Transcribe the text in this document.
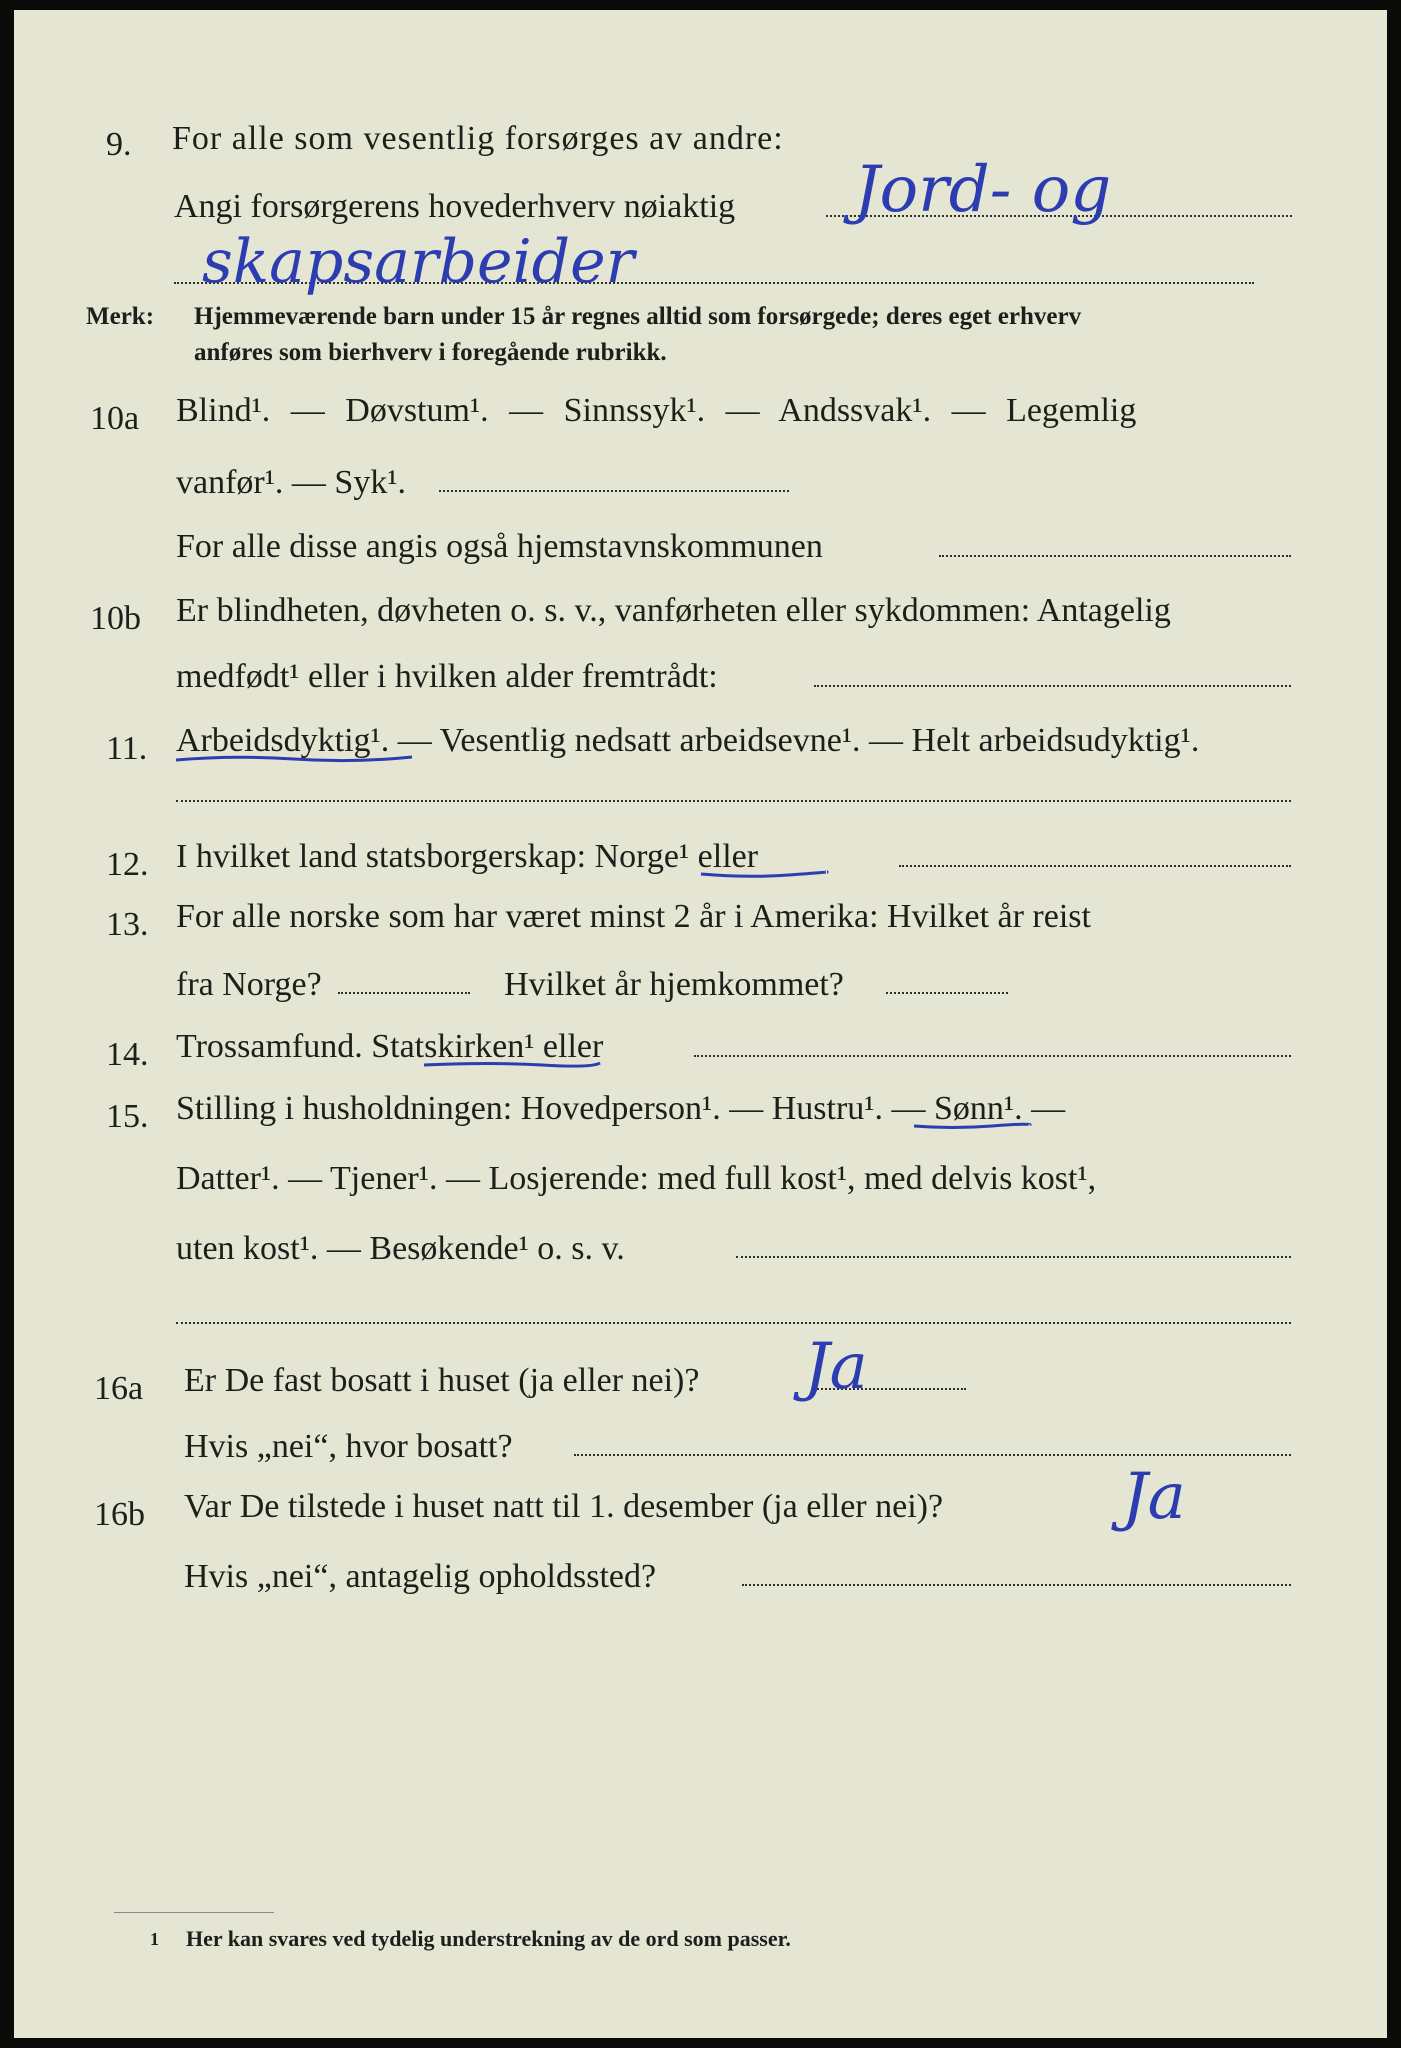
9. For alle som vesentlig forsørges av andre:
Angi forsørgerens hovederhverv nøiaktig Jord- og
skapsarbeider
Merk: Hjemmeværende barn under 15 år regnes alltid som forsørgede; deres eget erhverv
anføres som bierhverv i foregående rubrikk.
10a Blind¹. — Døvstum¹. — Sinnssyk¹. — Andssvak¹. — Legemlig
vanfør¹. — Syk¹.
For alle disse angis også hjemstavnskommunen
10b Er blindheten, døvheten o. s. v., vanførheten eller sykdommen: Antagelig
medfødt¹ eller i hvilken alder fremtrådt:
11. Arbeidsdyktig¹. — Vesentlig nedsatt arbeidsevne¹. — Helt arbeidsudyktig¹.
12. I hvilket land statsborgerskap: Norge¹ eller
13. For alle norske som har været minst 2 år i Amerika: Hvilket år reist
fra Norge?	Hvilket år hjemkommet?
14. Trossamfund. Statskirken¹ eller
15. Stilling i husholdningen: Hovedperson¹. — Hustru¹. — Sønn¹. —
Datter¹. — Tjener¹. — Losjerende: med full kost¹, med delvis kost¹,
uten kost¹. — Besøkende¹ o. s. v.
16a Er De fast bosatt i huset (ja eller nei)? Ja
Hvis „nei“, hvor bosatt?
16b Var De tilstede i huset natt til 1. desember (ja eller nei)?	Ja
Hvis „nei“, antagelig opholdssted?
1 Her kan svares ved tydelig understrekning av de ord som passer.
